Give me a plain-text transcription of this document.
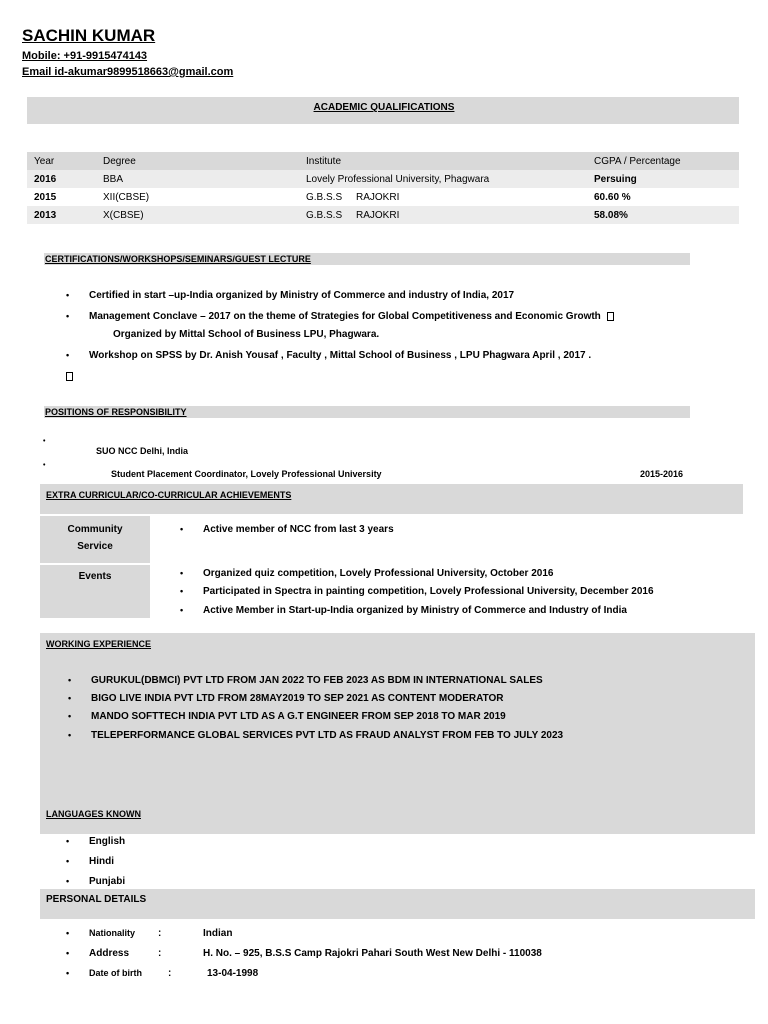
SACHIN KUMAR
Mobile: +91-9915474143
Email id-akumar9899518663@gmail.com
ACADEMIC QUALIFICATIONS
Year	Degree	Institute	CGPA / Percentage
2016	BBA	Lovely Professional University, Phagwara	Persuing
2015	XII(CBSE)	G.B.S.S     RAJOKRI	60.60 %
2013	X(CBSE)	G.B.S.S     RAJOKRI	58.08%
CERTIFICATIONS/WORKSHOPS/SEMINARS/GUEST LECTURE
• Certified in start –up-India organized by Ministry of Commerce and industry of India, 2017
• Management Conclave – 2017 on the theme of Strategies for Global Competitiveness and Economic Growth
Organized by Mittal School of Business LPU, Phagwara.
• Workshop on SPSS by Dr. Anish Yousaf , Faculty , Mittal School of Business , LPU Phagwara April , 2017 .
POSITIONS OF RESPONSIBILITY
•
SUO NCC Delhi, India
•
Student Placement Coordinator, Lovely Professional University	2015-2016
EXTRA CURRICULAR/CO-CURRICULAR ACHIEVEMENTS
Community
Service
• Active member of NCC from last 3 years
Events	• Organized quiz competition, Lovely Professional University, October 2016
• Participated in Spectra in painting competition, Lovely Professional University, December 2016
• Active Member in Start-up-India organized by Ministry of Commerce and Industry of India
WORKING EXPERIENCE
• GURUKUL(DBMCI) PVT LTD FROM JAN 2022 TO FEB 2023 AS BDM IN INTERNATIONAL SALES
• BIGO LIVE INDIA PVT LTD FROM 28MAY2019 TO SEP 2021 AS CONTENT MODERATOR
• MANDO SOFTTECH INDIA PVT LTD AS A G.T ENGINEER FROM SEP 2018 TO MAR 2019
• TELEPERFORMANCE GLOBAL SERVICES PVT LTD AS FRAUD ANALYST FROM FEB TO JULY 2023
LANGUAGES KNOWN
• English
• Hindi
• Punjabi
PERSONAL DETAILS
• Nationality :	Indian
• Address	:	H. No. – 925, B.S.S Camp Rajokri Pahari South West New Delhi - 110038
• Date of birth	:	13-04-1998
